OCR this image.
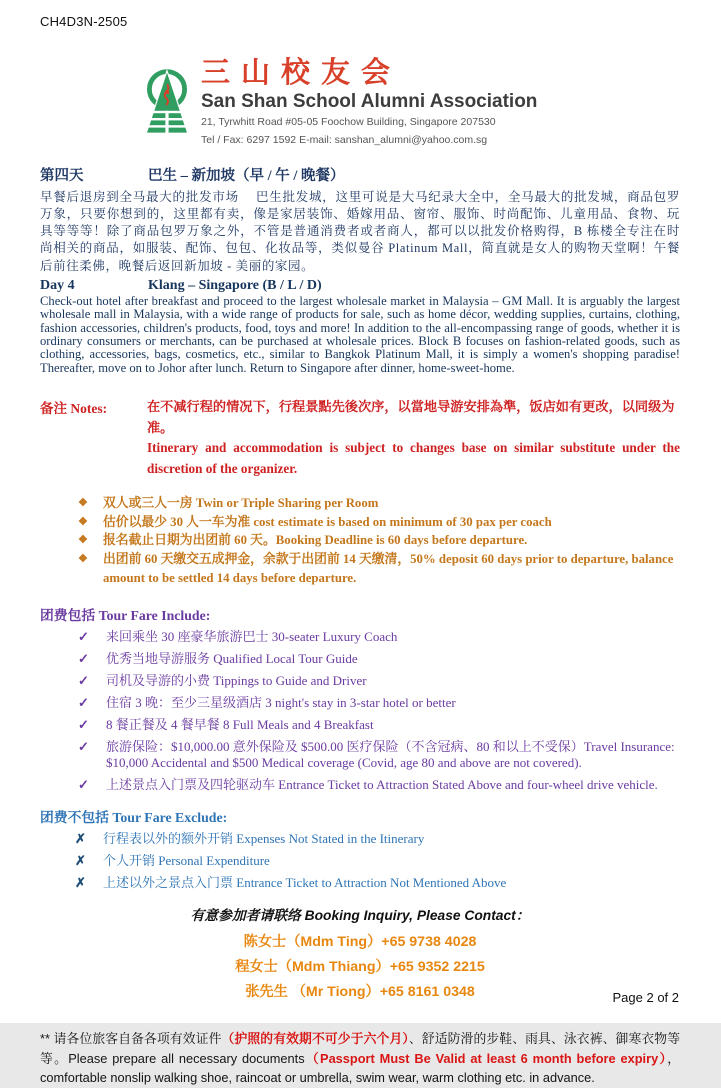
CH4D3N-2505
三山校友会
San Shan School Alumni Association
21, Tyrwhitt Road #05-05 Foochow Building, Singapore 207530
Tel / Fax: 6297 1592 E-mail: sanshan_alumni@yahoo.com.sg
第四天	巴生 – 新加坡（早 / 午 / 晚餐）

早餐后退房到全马最大的批发市场　 巴生批发城，这里可说是大马纪录大全中，全马最大的批发城，商品包罗万象，只要你想到的，这里都有卖，像是家居装饰、婚嫁用品、窗帘、服饰、时尚配饰、儿童用品、食物、玩具等等等！除了商品包罗万象之外，不管是普通消费者或者商人，都可以以批发价格购得，B 栋楼全专注在时尚相关的商品，如服装、配饰、包包、化妆品等，类似曼谷 Platinum Mall，简直就是女人的购物天堂啊！午餐后前往柔佛，晚餐后返回新加坡 - 美丽的家园。

Day 4	Klang – Singapore (B / L / D)

Check-out hotel after breakfast and proceed to the largest wholesale market in Malaysia – GM Mall. It is arguably the largest wholesale mall in Malaysia, with a wide range of products for sale, such as home décor, wedding supplies, curtains, clothing, fashion accessories, children's products, food, toys and more! In addition to the all-encompassing range of goods, whether it is ordinary consumers or merchants, can be purchased at wholesale prices. Block B focuses on fashion-related goods, such as clothing, accessories, bags, cosmetics, etc., similar to Bangkok Platinum Mall, it is simply a women's shopping paradise! Thereafter, move on to Johor after lunch. Return to Singapore after dinner, home-sweet-home.

备注 Notes:	在不减行程的情况下，行程景點先後次序，以當地导游安排為準，饭店如有更改，以同级为准。
Itinerary and accommodation is subject to changes base on similar substitute under the discretion of the organizer.
❖	双人或三人一房 Twin or Triple Sharing per Room
❖	估价以最少 30 人一车为准 cost estimate is based on minimum of 30 pax per coach
❖	报名截止日期为出团前 60 天。Booking Deadline is 60 days before departure.
❖	出团前 60 天缴交五成押金，余款于出团前 14 天缴清，50% deposit 60 days prior to departure, balance amount to be settled 14 days before departure.
团费包括 Tour Fare Include:
✓	来回乘坐 30 座豪华旅游巴士 30-seater Luxury Coach
✓	优秀当地导游服务 Qualified Local Tour Guide
✓	司机及导游的小费 Tippings to Guide and Driver
✓	住宿 3 晚：至少三星级酒店 3 night's stay in 3-star hotel or better
✓	8 餐正餐及 4 餐早餐 8 Full Meals and 4 Breakfast
✓	旅游保险：$10,000.00 意外保险及 $500.00 医疗保险（不含冠病、80 和以上不受保）Travel Insurance: $10,000 Accidental and $500 Medical coverage (Covid, age 80 and above are not covered).
✓	上述景点入门票及四轮驱动车 Entrance Ticket to Attraction Stated Above and four-wheel drive vehicle.
团费不包括 Tour Fare Exclude:
✗	行程表以外的额外开销 Expenses Not Stated in the Itinerary
✗	个人开销 Personal Expenditure
✗	上述以外之景点入门票 Entrance Ticket to Attraction Not Mentioned Above
有意参加者请联络 Booking Inquiry, Please Contact：
陈女士（Mdm Ting）+65 9738 4028
程女士（Mdm Thiang）+65 9352 2215
张先生 （Mr Tiong）+65 8161 0348

** 请各位旅客自备各项有效证件（护照的有效期不可少于六个月）、舒适防滑的步鞋、雨具、泳衣裤、御寒衣物等等。Please prepare all necessary documents（Passport Must Be Valid at least 6 month before expiry），comfortable nonslip walking shoe, raincoat or umbrella, swim wear, warm clothing etc. in advance.

Page 2 of 2
